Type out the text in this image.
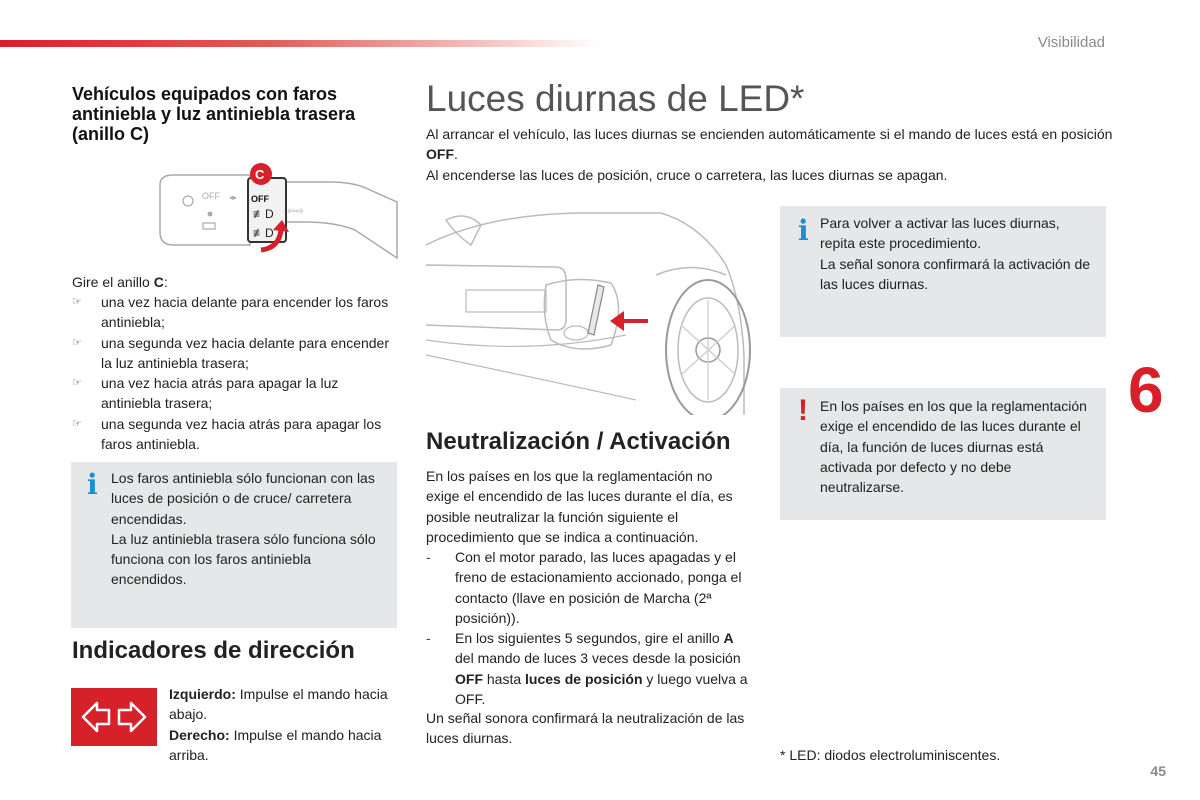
Visibilidad
6
45
Vehículos equipados con faros antiniebla y luz antiniebla trasera (anillo C)
OFF ◂▸ OFF
≢D
≢D
⇦⇨
C
Gire el anillo C:
☞ una vez hacia delante para encender los faros antiniebla;
☞ una segunda vez hacia delante para encender la luz antiniebla trasera;
☞ una vez hacia atrás para apagar la luz antiniebla trasera;
☞ una segunda vez hacia atrás para apagar los faros antiniebla.
i Los faros antiniebla sólo funcionan con las luces de posición o de cruce/ carretera encendidas.
La luz antiniebla trasera sólo funciona sólo funciona con los faros antiniebla encendidos.
Indicadores de dirección
Izquierdo: Impulse el mando hacia abajo.
Derecho: Impulse el mando hacia arriba.
Luces diurnas de LED*
Al arrancar el vehículo, las luces diurnas se encienden automáticamente si el mando de luces está en posición OFF.
Al encenderse las luces de posición, cruce o carretera, las luces diurnas se apagan.
Neutralización / Activación
En los países en los que la reglamentación no exige el encendido de las luces durante el día, es posible neutralizar la función siguiente el procedimiento que se indica a continuación.
- Con el motor parado, las luces apagadas y el freno de estacionamiento accionado, ponga el contacto (llave en posición de Marcha (2ª posición)).
- En los siguientes 5 segundos, gire el anillo A del mando de luces 3 veces desde la posición OFF hasta luces de posición y luego vuelva a OFF.
Un señal sonora confirmará la neutralización de las luces diurnas.
i Para volver a activar las luces diurnas, repita este procedimiento.
La señal sonora confirmará la activación de las luces diurnas.
! En los países en los que la reglamentación exige el encendido de las luces durante el día, la función de luces diurnas está activada por defecto y no debe neutralizarse.
* LED: diodos electroluminiscentes.
